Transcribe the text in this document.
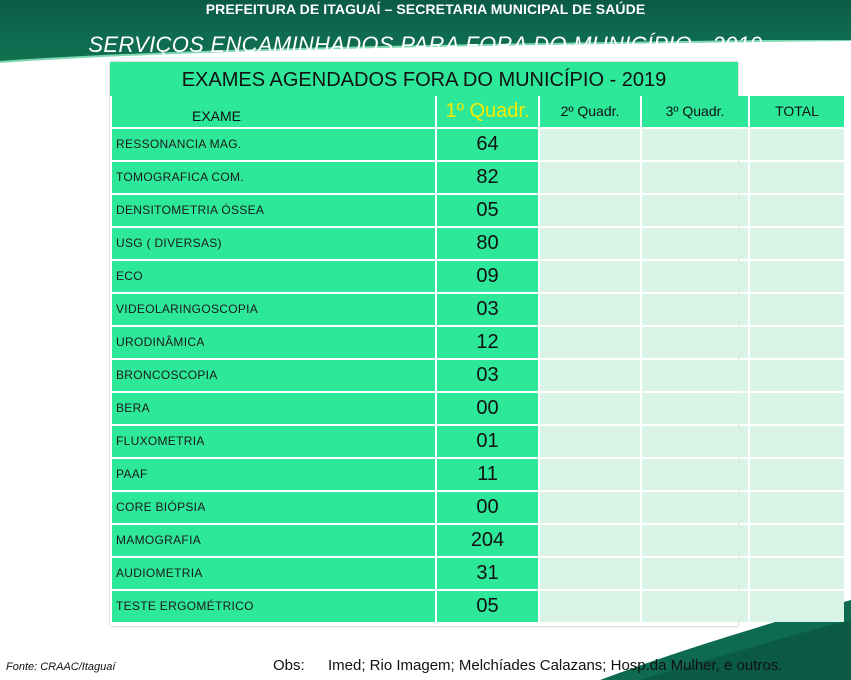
PREFEITURA DE ITAGUAÍ – SECRETARIA MUNICIPAL DE SAÚDE
SERVIÇOS ENCAMINHADOS PARA FORA DO MUNICÍPIO - 2019
EXAMES AGENDADOS FORA DO MUNICÍPIO - 2019
EXAME	1º Quadr.	2º Quadr.	3º Quadr.	TOTAL
RESSONANCIA MAG.	64
TOMOGRAFICA COM.	82
DENSITOMETRIA ÓSSEA	05
USG ( DIVERSAS)	80
ECO	09
VIDEOLARINGOSCOPIA	03
URODINÂMICA	12
BRONCOSCOPIA	03
BERA	00
FLUXOMETRIA	01
PAAF	11
CORE BIÓPSIA	00
MAMOGRAFIA	204
AUDIOMETRIA	31
TESTE ERGOMÉTRICO	05
Fonte: CRAAC/Itaguaí	Obs: Imed; Rio Imagem; Melchíades Calazans; Hosp.da Mulher, e outros.
